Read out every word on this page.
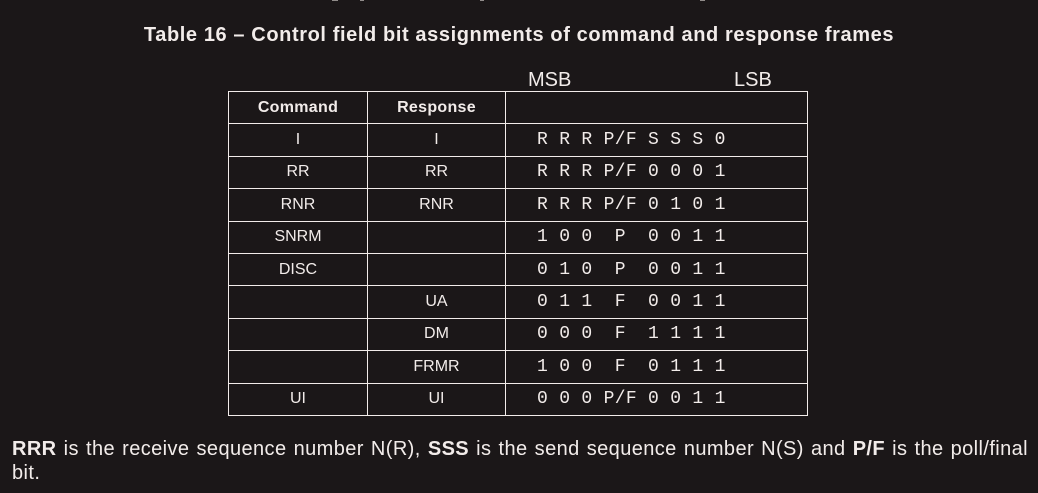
Table 16 – Control field bit assignments of command and response frames
MSB	LSB
Command	Response	
I	I	R R R P/F S S S 0
RR	RR	R R R P/F 0 0 0 1
RNR	RNR	R R R P/F 0 1 0 1
SNRM		1 0 0  P  0 0 1 1
DISC		0 1 0  P  0 0 1 1
	UA	0 1 1  F  0 0 1 1
	DM	0 0 0  F  1 1 1 1
	FRMR	1 0 0  F  0 1 1 1
UI	UI	0 0 0 P/F 0 0 1 1

RRR is the receive sequence number N(R), SSS is the send sequence number N(S) and P/F is the poll/final bit.
